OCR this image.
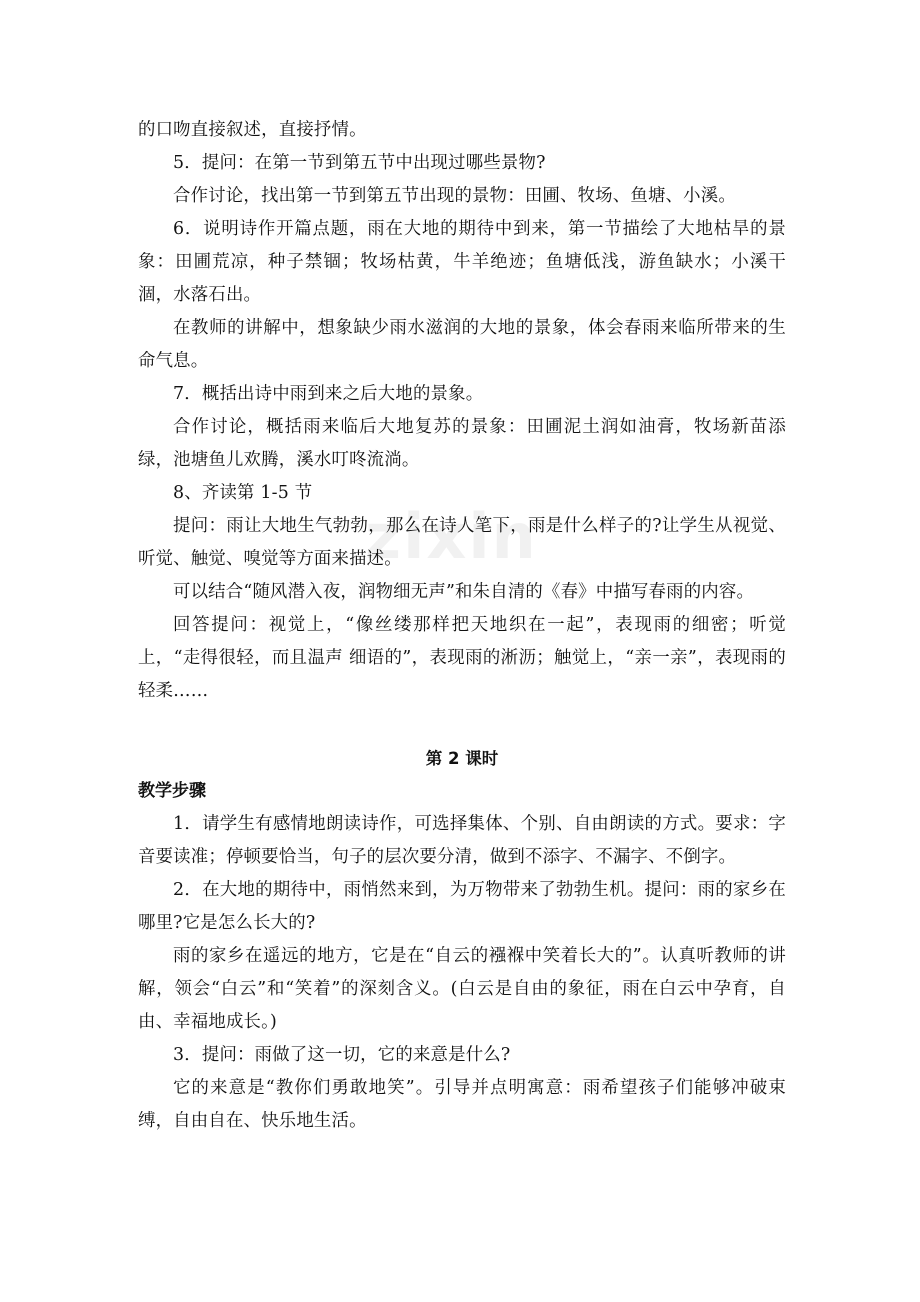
zixin

的口吻直接叙述，直接抒情。

5．提问：在第一节到第五节中出现过哪些景物?

合作讨论，找出第一节到第五节出现的景物：田圃、牧场、鱼塘、小溪。

6．说明诗作开篇点题，雨在大地的期待中到来，第一节描绘了大地枯旱的景象：田圃荒凉，种子禁锢；牧场枯黄，牛羊绝迹；鱼塘低浅，游鱼缺水；小溪干涸，水落石出。

在教师的讲解中，想象缺少雨水滋润的大地的景象，体会春雨来临所带来的生命气息。

7．概括出诗中雨到来之后大地的景象。

合作讨论，概括雨来临后大地复苏的景象：田圃泥土润如油膏，牧场新苗添绿，池塘鱼儿欢腾，溪水叮咚流淌。

8、齐读第 1-5 节

提问：雨让大地生气勃勃，那么在诗人笔下，雨是什么样子的?让学生从视觉、听觉、触觉、嗅觉等方面来描述。

可以结合“随风潜入夜，润物细无声”和朱自清的《春》中描写春雨的内容。

回答提问：视觉上，“像丝缕那样把天地织在一起”，表现雨的细密；听觉上，“走得很轻，而且温声 细语的”，表现雨的淅沥；触觉上，“亲一亲”，表现雨的轻柔……

第 2 课时

教学步骤

1．请学生有感情地朗读诗作，可选择集体、个别、自由朗读的方式。要求：字音要读准；停顿要恰当，句子的层次要分清，做到不添字、不漏字、不倒字。

2．在大地的期待中，雨悄然来到，为万物带来了勃勃生机。提问：雨的家乡在哪里?它是怎么长大的?

雨的家乡在遥远的地方，它是在“自云的襁褓中笑着长大的”。认真听教师的讲解，领会“白云”和“笑着”的深刻含义。(白云是自由的象征，雨在白云中孕育，自由、幸福地成长。)

3．提问：雨做了这一切，它的来意是什么?

它的来意是“教你们勇敢地笑”。引导并点明寓意：雨希望孩子们能够冲破束缚，自由自在、快乐地生活。
